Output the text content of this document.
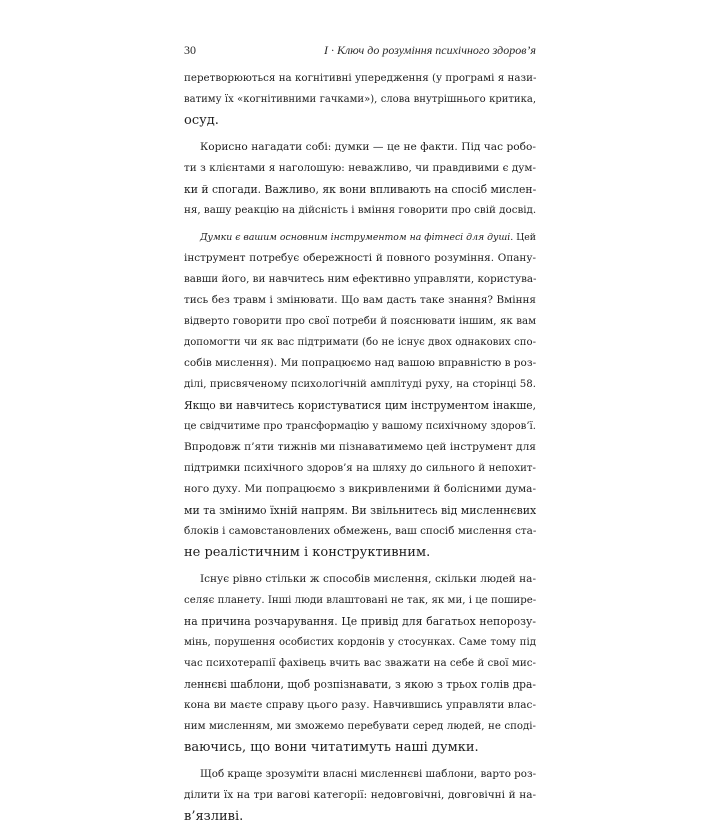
30	І · Ключ до розуміння психічного здоров’я
перетворюються на когнітивні упередження (у програмі я нази-
ватиму їх «когнітивними гачками»), слова внутрішнього критика,
осуд.
Корисно нагадати собі: думки — це не факти. Під час робо-
ти з клієнтами я наголошую: неважливо, чи правдивими є дум-
ки й спогади. Важливо, як вони впливають на спосіб мислен-
ня, вашу реакцію на дійсність і вміння говорити про свій досвід.
Думки є вашим основним інструментом на фітнесі для душі. Цей
інструмент потребує обережності й повного розуміння. Опану-
вавши його, ви навчитесь ним ефективно управляти, користува-
тись без травм і змінювати. Що вам дасть таке знання? Вміння
відверто говорити про свої потреби й пояснювати іншим, як вам
допомогти чи як вас підтримати (бо не існує двох однакових спо-
собів мислення). Ми попрацюємо над вашою вправністю в роз-
ділі, присвяченому психологічній амплітуді руху, на сторінці 58.
Якщо ви навчитесь користуватися цим інструментом інакше,
це свідчитиме про трансформацію у вашому психічному здоров’ї.
Впродовж п’яти тижнів ми пізнаватимемо цей інструмент для
підтримки психічного здоров’я на шляху до сильного й непохит-
ного духу. Ми попрацюємо з викривленими й болісними дума-
ми та змінимо їхній напрям. Ви звільнитесь від мисленнєвих
блоків і самовстановлених обмежень, ваш спосіб мислення ста-
не реалістичним і конструктивним.
Існує рівно стільки ж способів мислення, скільки людей на-
селяє планету. Інші люди влаштовані не так, як ми, і це пошире-
на причина розчарування. Це привід для багатьох непорозу-
мінь, порушення особистих кордонів у стосунках. Саме тому під
час психотерапії фахівець вчить вас зважати на себе й свої мис-
леннєві шаблони, щоб розпізнавати, з якою з трьох голів дра-
кона ви маєте справу цього разу. Навчившись управляти влас-
ним мисленням, ми зможемо перебувати серед людей, не споді-
ваючись, що вони читатимуть наші думки.
Щоб краще зрозуміти власні мисленнєві шаблони, варто роз-
ділити їх на три вагові категорії: недовговічні, довговічні й на-
в’язливі.
